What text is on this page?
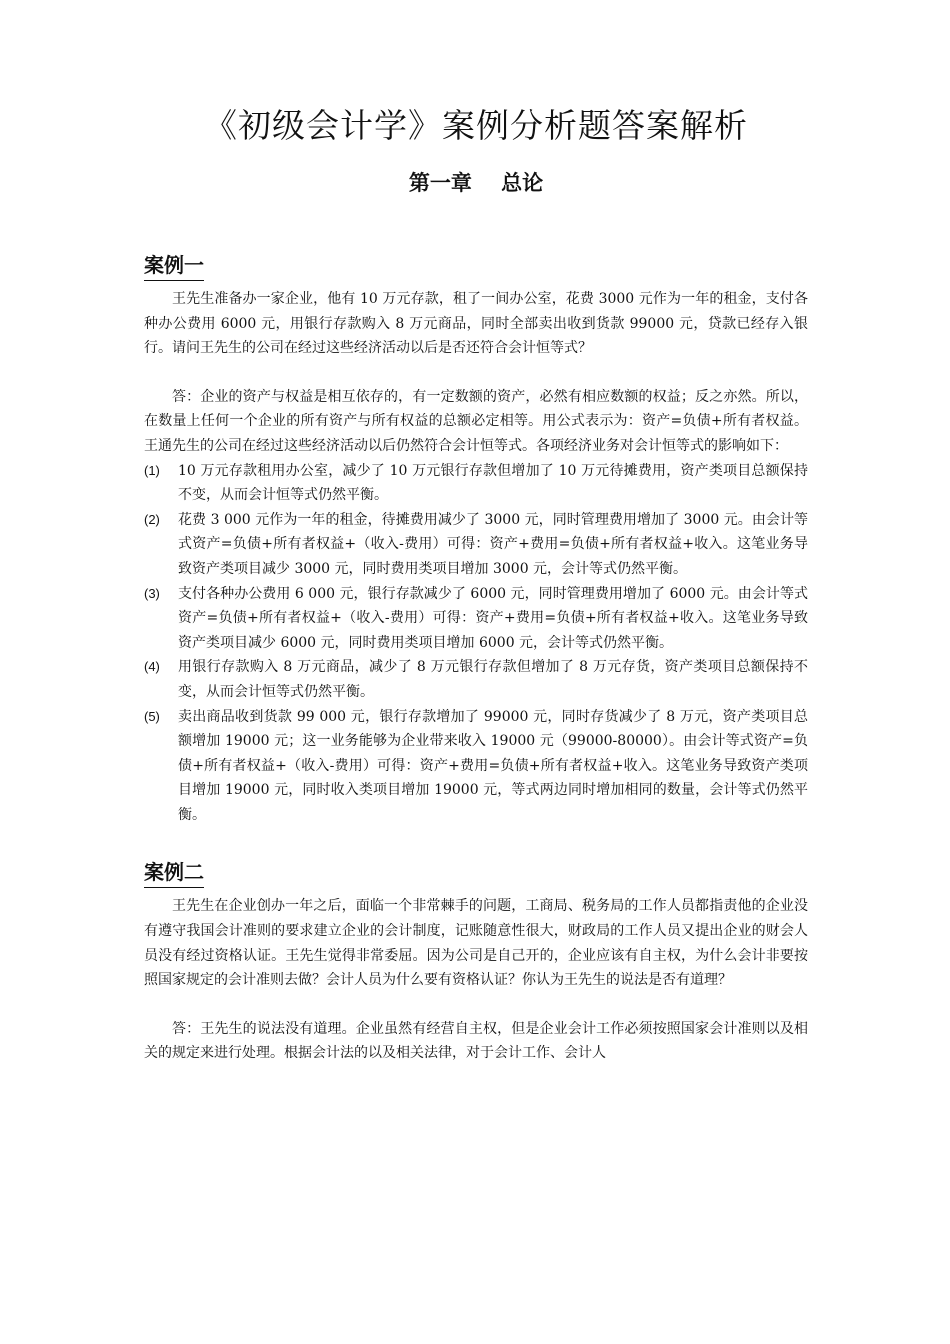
《初级会计学》案例分析题答案解析
第一章    总论
案例一

王先生准备办一家企业，他有 10 万元存款，租了一间办公室，花费 3000 元作为一年的租金，支付各种办公费用 6000 元，用银行存款购入 8 万元商品，同时全部卖出收到货款 99000 元，贷款已经存入银行。请问王先生的公司在经过这些经济活动以后是否还符合会计恒等式？

答：企业的资产与权益是相互依存的，有一定数额的资产，必然有相应数额的权益；反之亦然。所以，在数量上任何一个企业的所有资产与所有权益的总额必定相等。用公式表示为：资产=负债+所有者权益。王通先生的公司在经过这些经济活动以后仍然符合会计恒等式。各项经济业务对会计恒等式的影响如下：

(1) 10 万元存款租用办公室，减少了 10 万元银行存款但增加了 10 万元待摊费用，资产类项目总额保持不变，从而会计恒等式仍然平衡。
(2) 花费 3 000 元作为一年的租金，待摊费用减少了 3000 元，同时管理费用增加了 3000 元。由会计等式资产=负债+所有者权益+（收入-费用）可得：资产+费用=负债+所有者权益+收入。这笔业务导致资产类项目减少 3000 元，同时费用类项目增加 3000 元，会计等式仍然平衡。
(3) 支付各种办公费用 6 000 元，银行存款减少了 6000 元，同时管理费用增加了 6000 元。由会计等式资产=负债+所有者权益+（收入-费用）可得：资产+费用=负债+所有者权益+收入。这笔业务导致资产类项目减少 6000 元，同时费用类项目增加 6000 元，会计等式仍然平衡。
(4) 用银行存款购入 8 万元商品，减少了 8 万元银行存款但增加了 8 万元存货，资产类项目总额保持不变，从而会计恒等式仍然平衡。
(5) 卖出商品收到货款 99 000 元，银行存款增加了 99000 元，同时存货减少了 8 万元，资产类项目总额增加 19000 元；这一业务能够为企业带来收入 19000 元（99000-80000）。由会计等式资产=负债+所有者权益+（收入-费用）可得：资产+费用=负债+所有者权益+收入。这笔业务导致资产类项目增加 19000 元，同时收入类项目增加 19000 元，等式两边同时增加相同的数量，会计等式仍然平衡。
案例二

王先生在企业创办一年之后，面临一个非常棘手的问题，工商局、税务局的工作人员都指责他的企业没有遵守我国会计准则的要求建立企业的会计制度，记账随意性很大，财政局的工作人员又提出企业的财会人员没有经过资格认证。王先生觉得非常委屈。因为公司是自己开的，企业应该有自主权，为什么会计非要按照国家规定的会计准则去做？会计人员为什么要有资格认证？你认为王先生的说法是否有道理？

答：王先生的说法没有道理。企业虽然有经营自主权，但是企业会计工作必须按照国家会计准则以及相关的规定来进行处理。根据会计法的以及相关法律，对于会计工作、会计人
